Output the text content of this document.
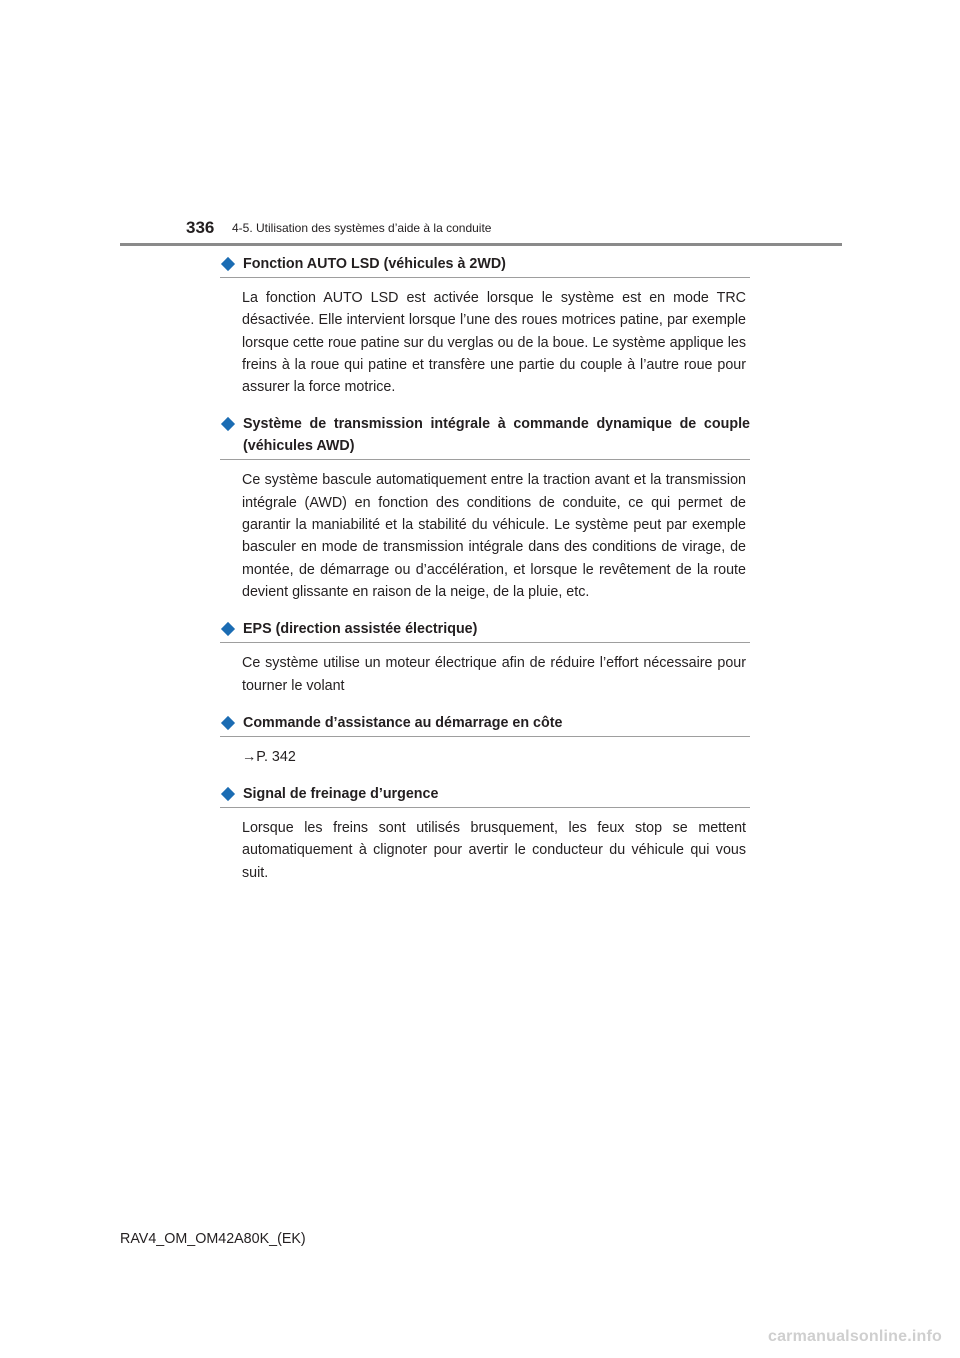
336 4-5. Utilisation des systèmes d’aide à la conduite
Fonction AUTO LSD (véhicules à 2WD)

La fonction AUTO LSD est activée lorsque le système est en mode TRC désactivée. Elle intervient lorsque l’une des roues motrices patine, par exemple lorsque cette roue patine sur du verglas ou de la boue. Le système applique les freins à la roue qui patine et transfère une partie du couple à l’autre roue pour assurer la force motrice.

Système de transmission intégrale à commande dynamique de couple (véhicules AWD)

Ce système bascule automatiquement entre la traction avant et la transmission intégrale (AWD) en fonction des conditions de conduite, ce qui permet de garantir la maniabilité et la stabilité du véhicule. Le système peut par exemple basculer en mode de transmission intégrale dans des conditions de virage, de montée, de démarrage ou d’accélération, et lorsque le revêtement de la route devient glissante en raison de la neige, de la pluie, etc.

EPS (direction assistée électrique)

Ce système utilise un moteur électrique afin de réduire l’effort nécessaire pour tourner le volant

Commande d’assistance au démarrage en côte

→P. 342

Signal de freinage d’urgence

Lorsque les freins sont utilisés brusquement, les feux stop se mettent automatiquement à clignoter pour avertir le conducteur du véhicule qui vous suit.

RAV4_OM_OM42A80K_(EK)
carmanualsonline.info
